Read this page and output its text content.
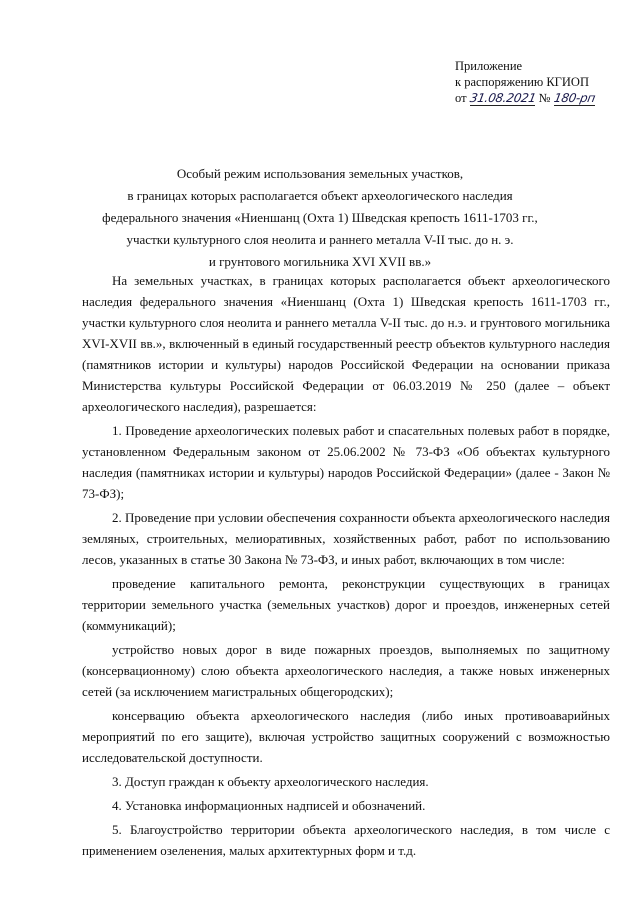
Приложение
к распоряжению КГИОП
от 31.08.2021 № 180-рп
Особый режим использования земельных участков,
в границах которых располагается объект археологического наследия
федерального значения «Ниеншанц (Охта 1) Шведская крепость 1611-1703 гг.,
участки культурного слоя неолита и раннего металла V-II тыс. до н. э.
и грунтового могильника XVI XVII вв.»

На земельных участках, в границах которых располагается объект археологического наследия федерального значения «Ниеншанц (Охта 1) Шведская крепость 1611-1703 гг., участки культурного слоя неолита и раннего металла V-II тыс. до н.э. и грунтового могильника XVI-XVII вв.», включенный в единый государственный реестр объектов культурного наследия (памятников истории и культуры) народов Российской Федерации на основании приказа Министерства культуры Российской Федерации от 06.03.2019 № 250 (далее – объект археологического наследия), разрешается:

1. Проведение археологических полевых работ и спасательных полевых работ в порядке, установленном Федеральным законом от 25.06.2002 № 73-ФЗ «Об объектах культурного наследия (памятниках истории и культуры) народов Российской Федерации» (далее - Закон № 73-ФЗ);

2. Проведение при условии обеспечения сохранности объекта археологического наследия земляных, строительных, мелиоративных, хозяйственных работ, работ по использованию лесов, указанных в статье 30 Закона № 73-ФЗ, и иных работ, включающих в том числе:

проведение капитального ремонта, реконструкции существующих в границах территории земельного участка (земельных участков) дорог и проездов, инженерных сетей (коммуникаций);

устройство новых дорог в виде пожарных проездов, выполняемых по защитному (консервационному) слою объекта археологического наследия, а также новых инженерных сетей (за исключением магистральных общегородских);

консервацию объекта археологического наследия (либо иных противоаварийных мероприятий по его защите), включая устройство защитных сооружений с возможностью исследовательской доступности.

3. Доступ граждан к объекту археологического наследия.

4. Установка информационных надписей и обозначений.

5. Благоустройство территории объекта археологического наследия, в том числе с применением озеленения, малых архитектурных форм и т.д.
